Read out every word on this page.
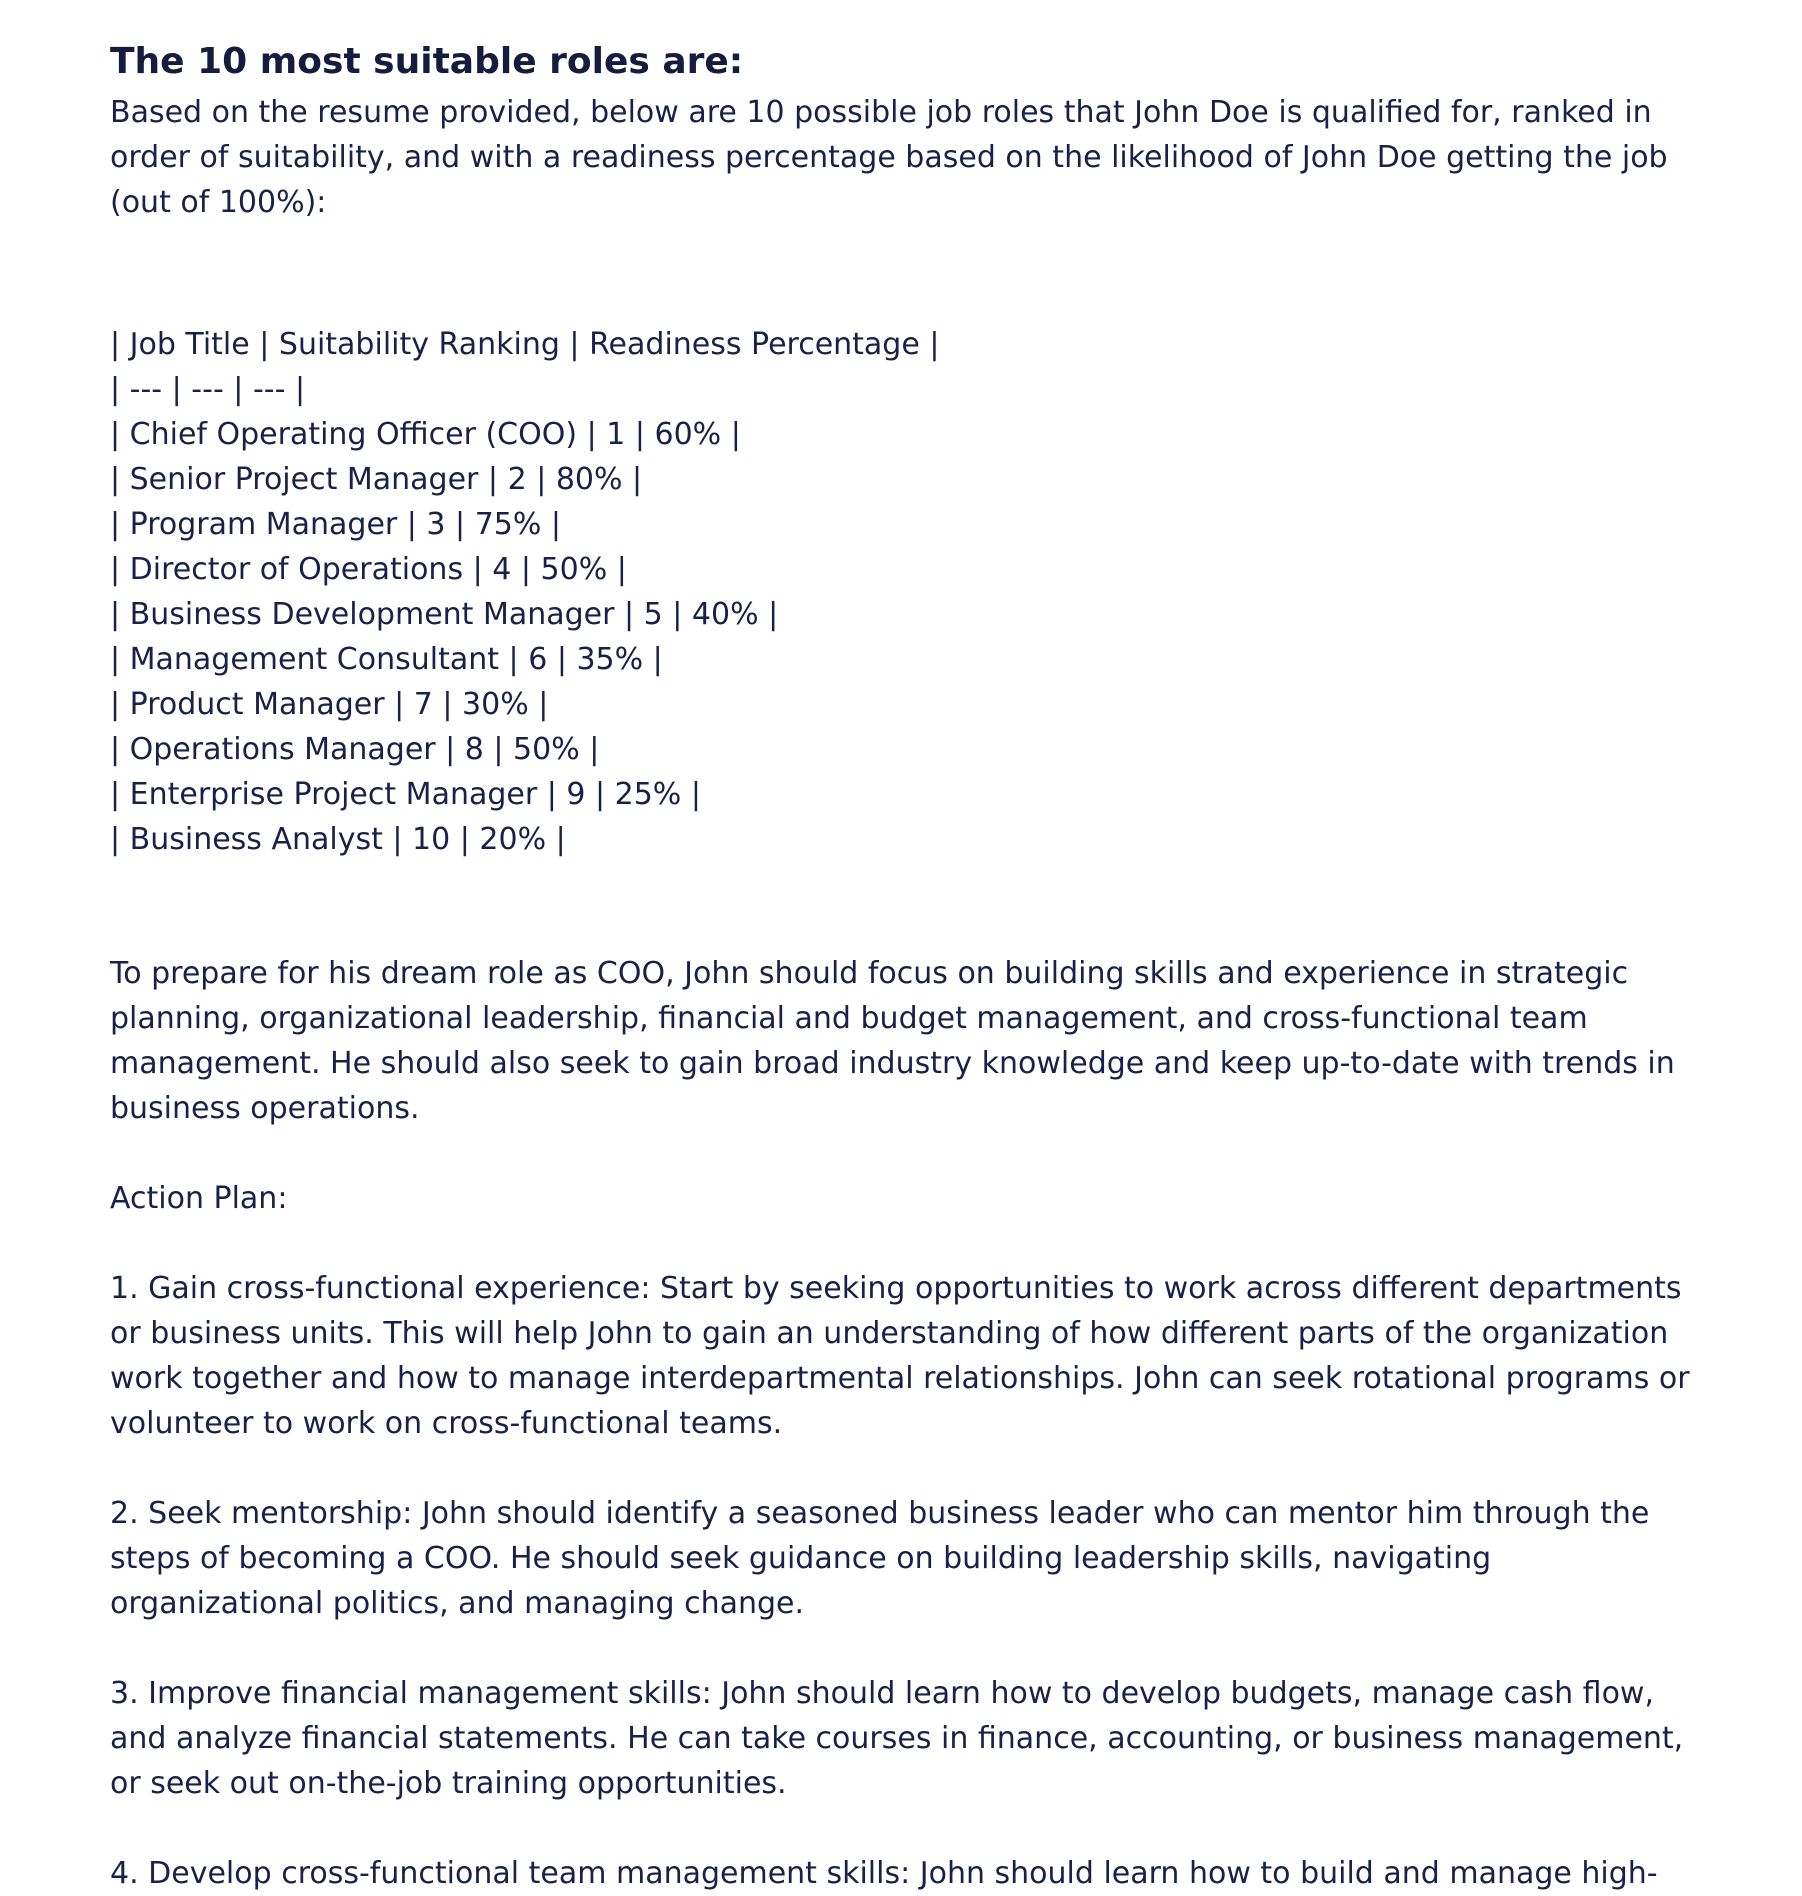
The 10 most suitable roles are:

Based on the resume provided, below are 10 possible job roles that John Doe is qualified for, ranked in order of suitability, and with a readiness percentage based on the likelihood of John Doe getting the job (out of 100%):

| Job Title | Suitability Ranking | Readiness Percentage |

| --- | --- | --- |

| Chief Operating Officer (COO) | 1 | 60% |

| Senior Project Manager | 2 | 80% |

| Program Manager | 3 | 75% |

| Director of Operations | 4 | 50% |

| Business Development Manager | 5 | 40% |

| Management Consultant | 6 | 35% |

| Product Manager | 7 | 30% |

| Operations Manager | 8 | 50% |

| Enterprise Project Manager | 9 | 25% |

| Business Analyst | 10 | 20% |

To prepare for his dream role as COO, John should focus on building skills and experience in strategic planning, organizational leadership, financial and budget management, and cross-functional team management. He should also seek to gain broad industry knowledge and keep up-to-date with trends in business operations.

Action Plan:

1. Gain cross-functional experience: Start by seeking opportunities to work across different departments or business units. This will help John to gain an understanding of how different parts of the organization work together and how to manage interdepartmental relationships. John can seek rotational programs or volunteer to work on cross-functional teams.

2. Seek mentorship: John should identify a seasoned business leader who can mentor him through the steps of becoming a COO. He should seek guidance on building leadership skills, navigating organizational politics, and managing change.

3. Improve financial management skills: John should learn how to develop budgets, manage cash flow, and analyze financial statements. He can take courses in finance, accounting, or business management, or seek out on-the-job training opportunities.

4. Develop cross-functional team management skills: John should learn how to build and manage high-
